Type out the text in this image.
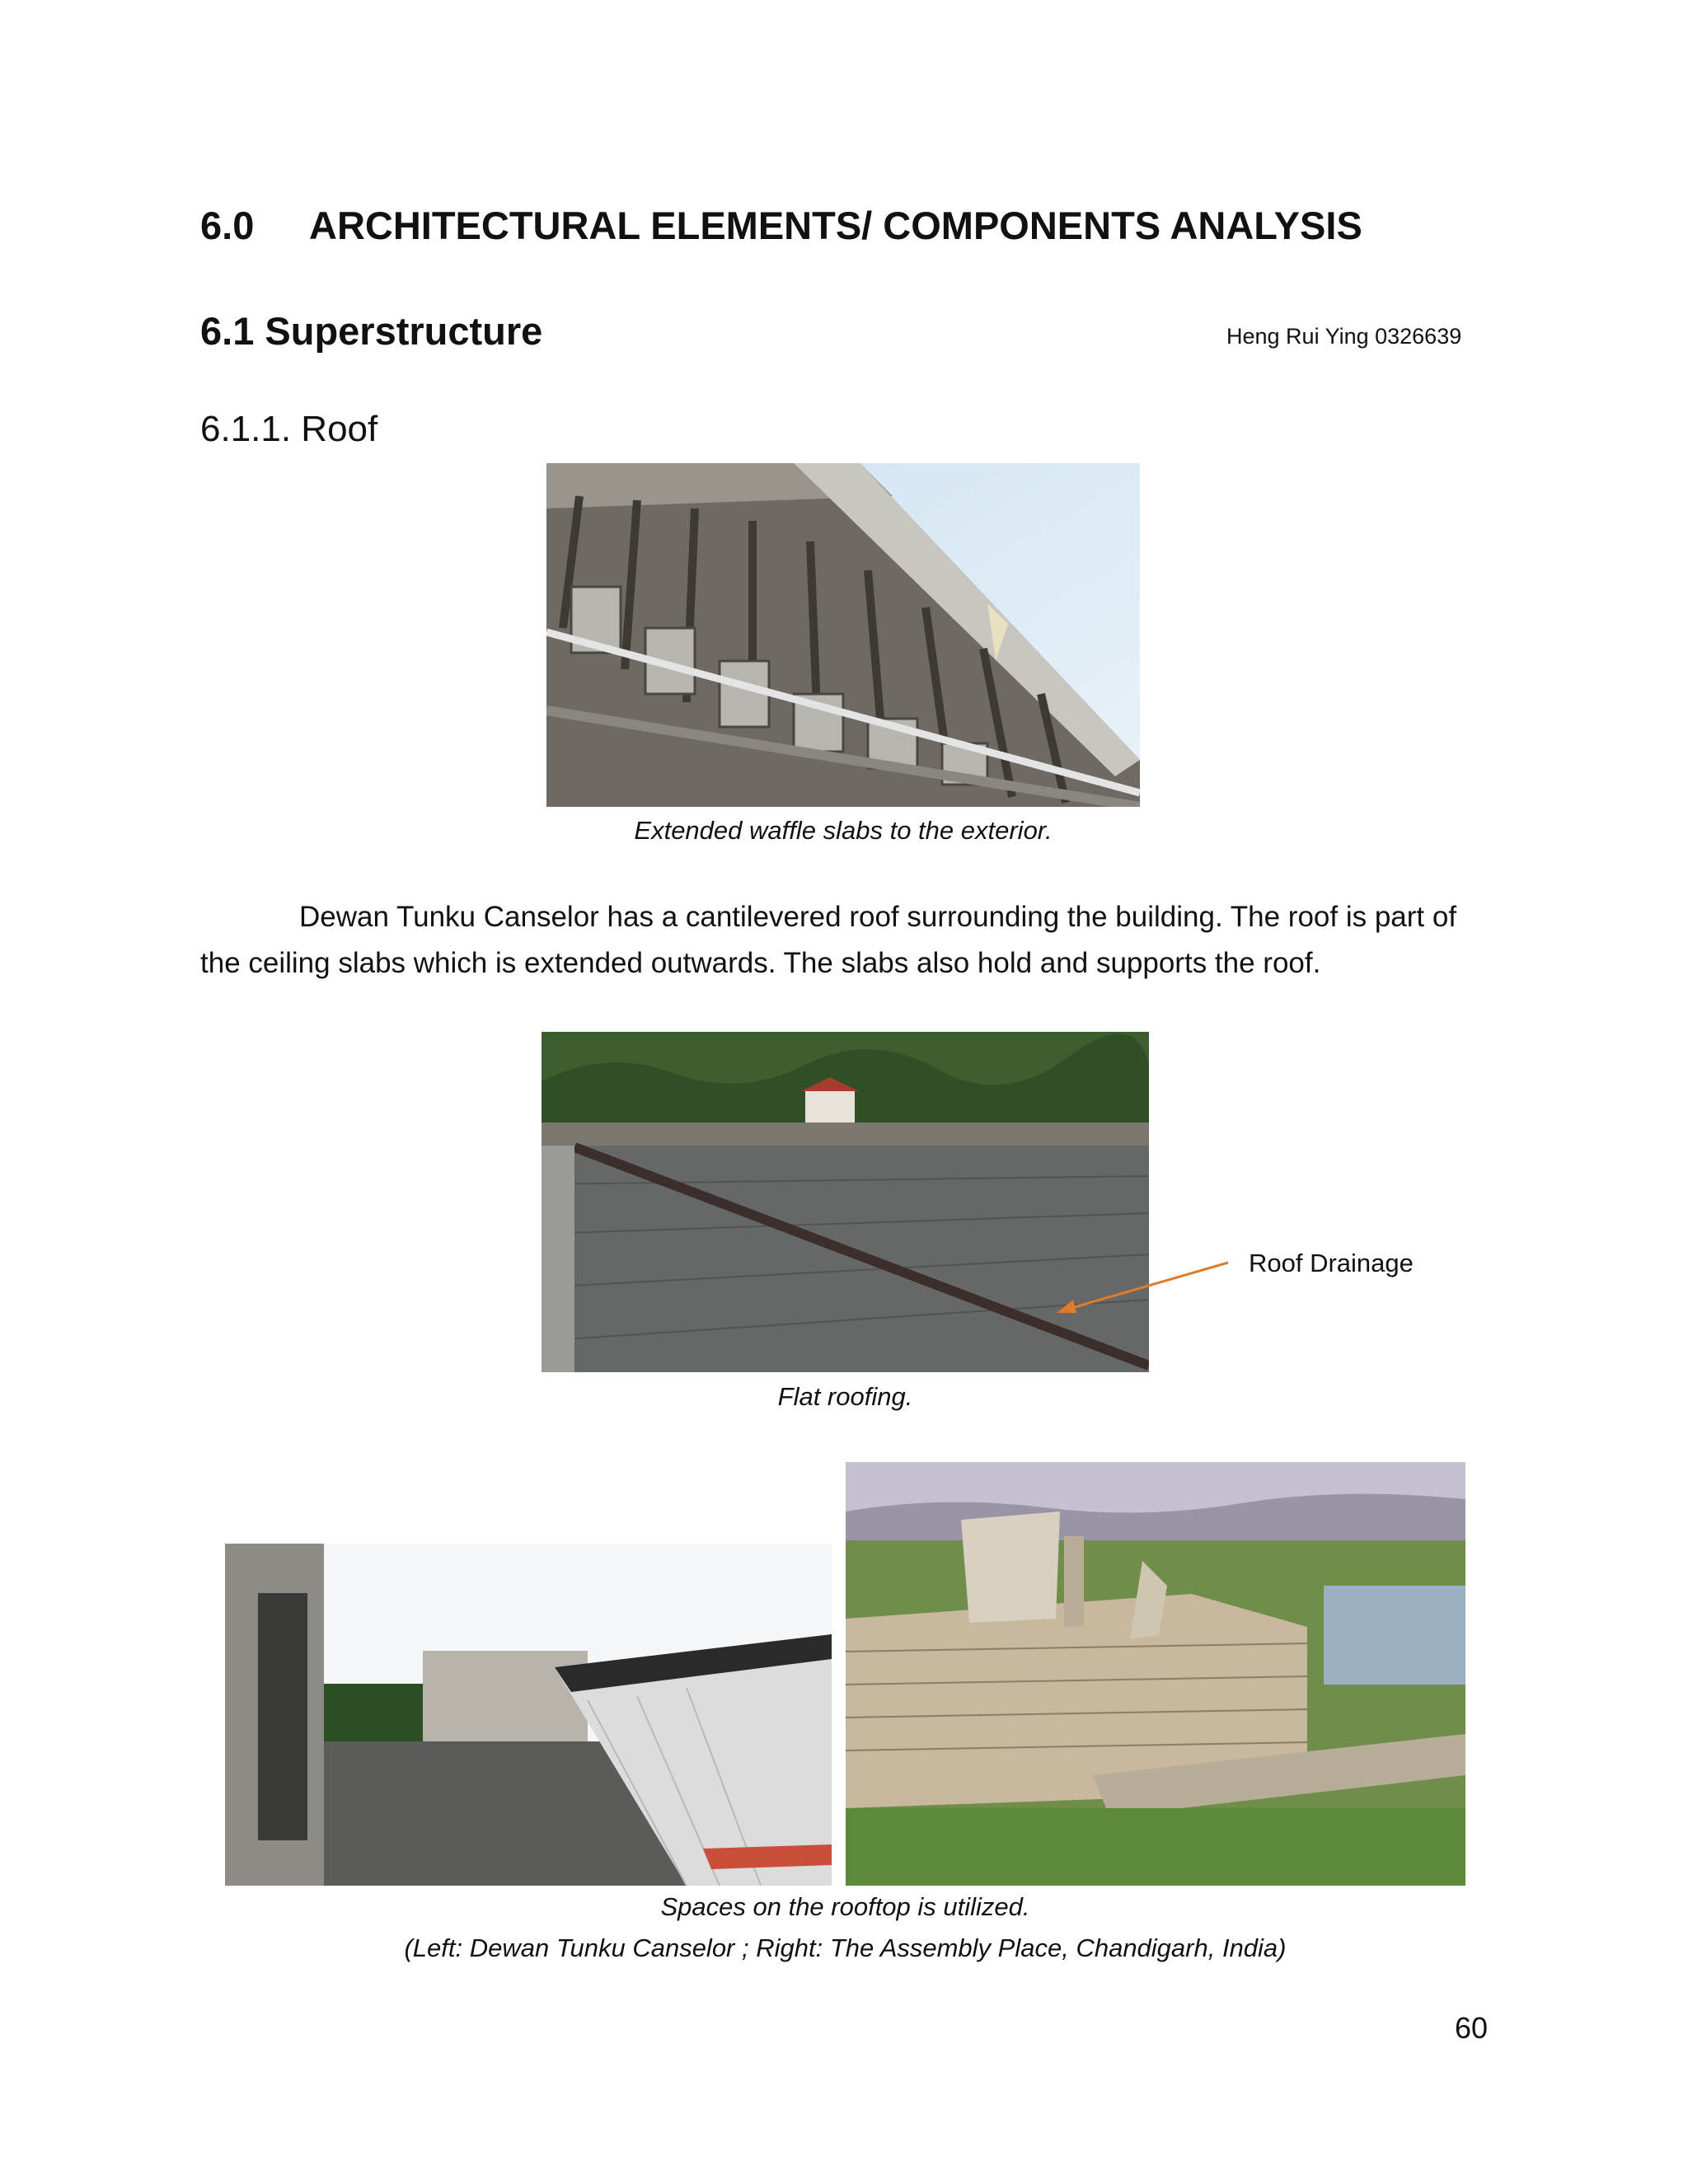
6.0 ARCHITECTURAL ELEMENTS/ COMPONENTS ANALYSIS
6.1 Superstructure	Heng Rui Ying 0326639
6.1.1. Roof
Extended waffle slabs to the exterior.
Dewan Tunku Canselor has a cantilevered roof surrounding the building. The roof is part of the ceiling slabs which is extended outwards. The slabs also hold and supports the roof.
Roof Drainage
Flat roofing.
Spaces on the rooftop is utilized.
(Left: Dewan Tunku Canselor ; Right: The Assembly Place, Chandigarh, India)
60
